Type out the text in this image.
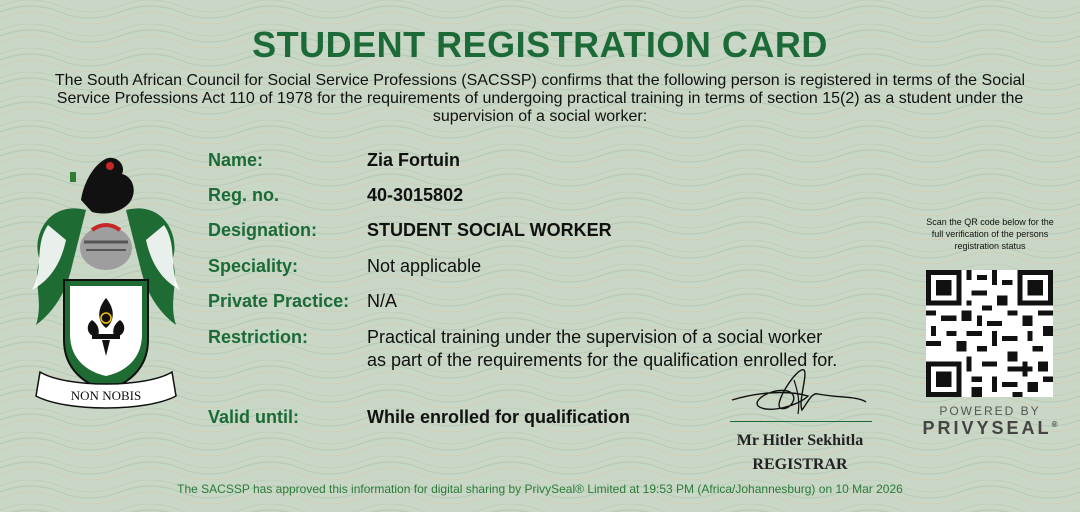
STUDENT REGISTRATION CARD
The South African Council for Social Service Professions (SACSSP) confirms that the following person is registered in terms of the Social Service Professions Act 110 of 1978 for the requirements of undergoing practical training in terms of section 15(2) as a student under the supervision of a social worker:
NON NOBIS
Name:	Zia Fortuin
Reg. no.	40-3015802
Designation:	STUDENT SOCIAL WORKER
Speciality:	Not applicable
Private Practice: N/A
Restriction:	Practical training under the supervision of a social worker
as part of the requirements for the qualification enrolled for.
Valid until:	While enrolled for qualification
Mr Hitler Sekhitla
REGISTRAR
Scan the QR code below for the full verification of the persons registration status
POWERED BY
PRIVYSEAL®
The SACSSP has approved this information for digital sharing by PrivySeal® Limited at 19:53 PM (Africa/Johannesburg) on 10 Mar 2026
